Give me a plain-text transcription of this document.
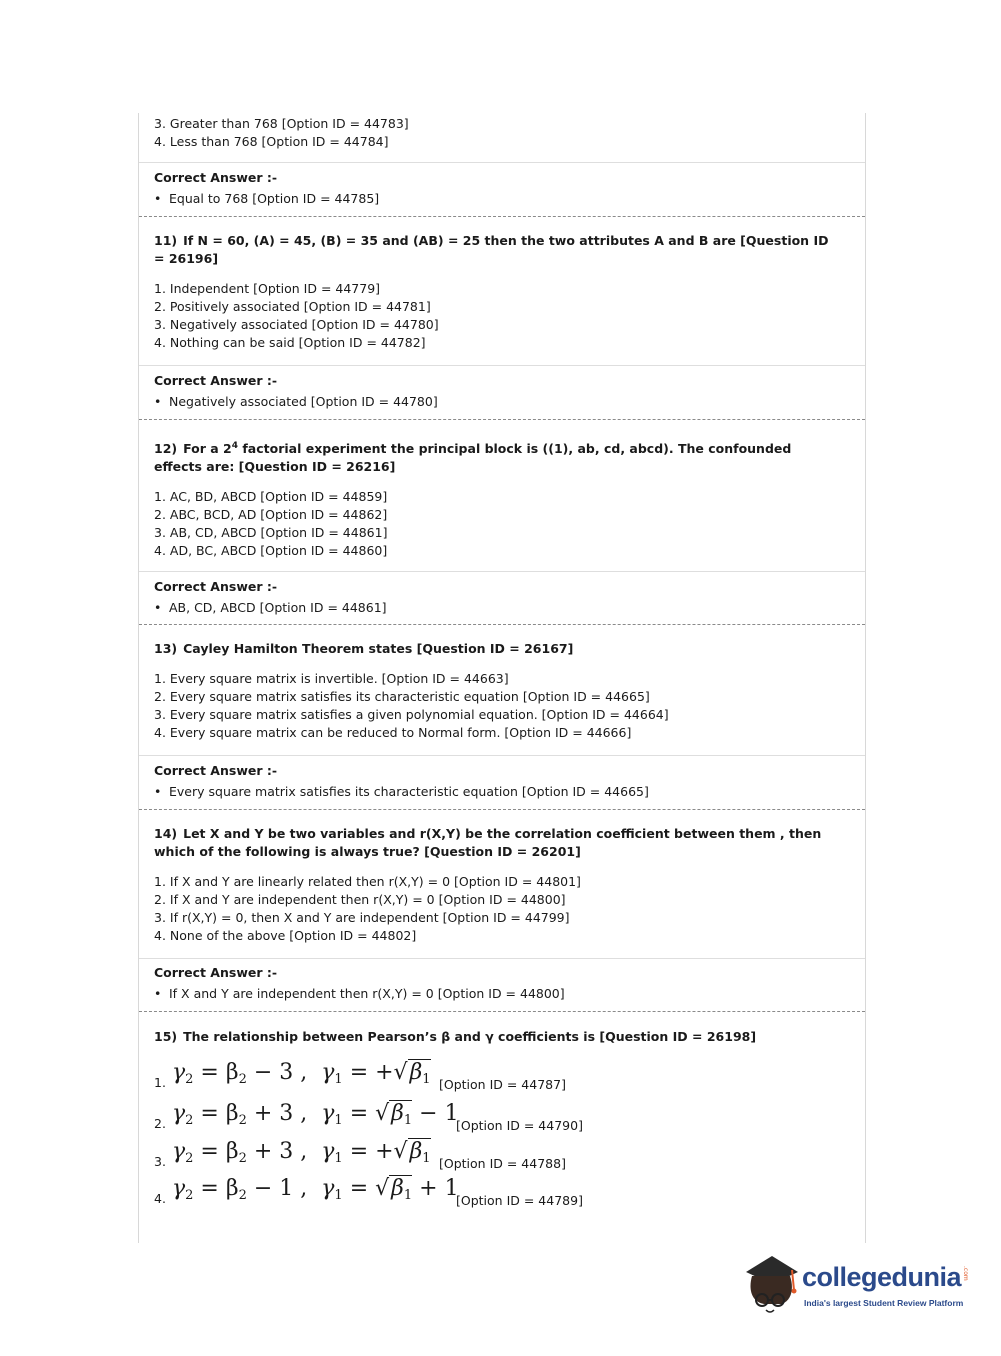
3. Greater than 768 [Option ID = 44783]
4. Less than 768 [Option ID = 44784]
Correct Answer :-
• Equal to 768 [Option ID = 44785]
11) If N = 60, (A) = 45, (B) = 35 and (AB) = 25 then the two attributes A and B are [Question ID = 26196]
1. Independent [Option ID = 44779]
2. Positively associated [Option ID = 44781]
3. Negatively associated [Option ID = 44780]
4. Nothing can be said [Option ID = 44782]
Correct Answer :-
• Negatively associated [Option ID = 44780]
12) For a $2^4$ factorial experiment the principal block is ((1), ab, cd, abcd). The confounded effects are: [Question ID = 26216]
1. AC, BD, ABCD [Option ID = 44859]
2. ABC, BCD, AD [Option ID = 44862]
3. AB, CD, ABCD [Option ID = 44861]
4. AD, BC, ABCD [Option ID = 44860]
Correct Answer :-
• AB, CD, ABCD [Option ID = 44861]
13) Cayley Hamilton Theorem states [Question ID = 26167]
1. Every square matrix is invertible. [Option ID = 44663]
2. Every square matrix satisfies its characteristic equation [Option ID = 44665]
3. Every square matrix satisfies a given polynomial equation. [Option ID = 44664]
4. Every square matrix can be reduced to Normal form. [Option ID = 44666]
Correct Answer :-
• Every square matrix satisfies its characteristic equation [Option ID = 44665]
14) Let X and Y be two variables and r(X,Y) be the correlation coefficient between them , then which of the following is always true? [Question ID = 26201]
1. If X and Y are linearly related then r(X,Y) = 0 [Option ID = 44801]
2. If X and Y are independent then r(X,Y) = 0 [Option ID = 44800]
3. If r(X,Y) = 0, then X and Y are independent [Option ID = 44799]
4. None of the above [Option ID = 44802]
Correct Answer :-
• If X and Y are independent then r(X,Y) = 0 [Option ID = 44800]
15) The relationship between Pearson’s β and γ coefficients is [Question ID = 26198]
1. $\gamma_2 = \beta_2 - 3$ , $\gamma_1 = +√\beta_1$ [Option ID = 44787]
2. $\gamma_2 = \beta_2 + 3$ , $\gamma_1 = √\beta_1 - 1$
[Option ID = 44790]
3. $\gamma_2 = \beta_2 + 3$ , $\gamma_1 = +√\beta_1$ [Option ID = 44788]
4. $\gamma_2 = \beta_2 - 1$ , $\gamma_1 = √\beta_1 + 1$
[Option ID = 44789]
collegedunia .com
India's largest Student Review Platform
